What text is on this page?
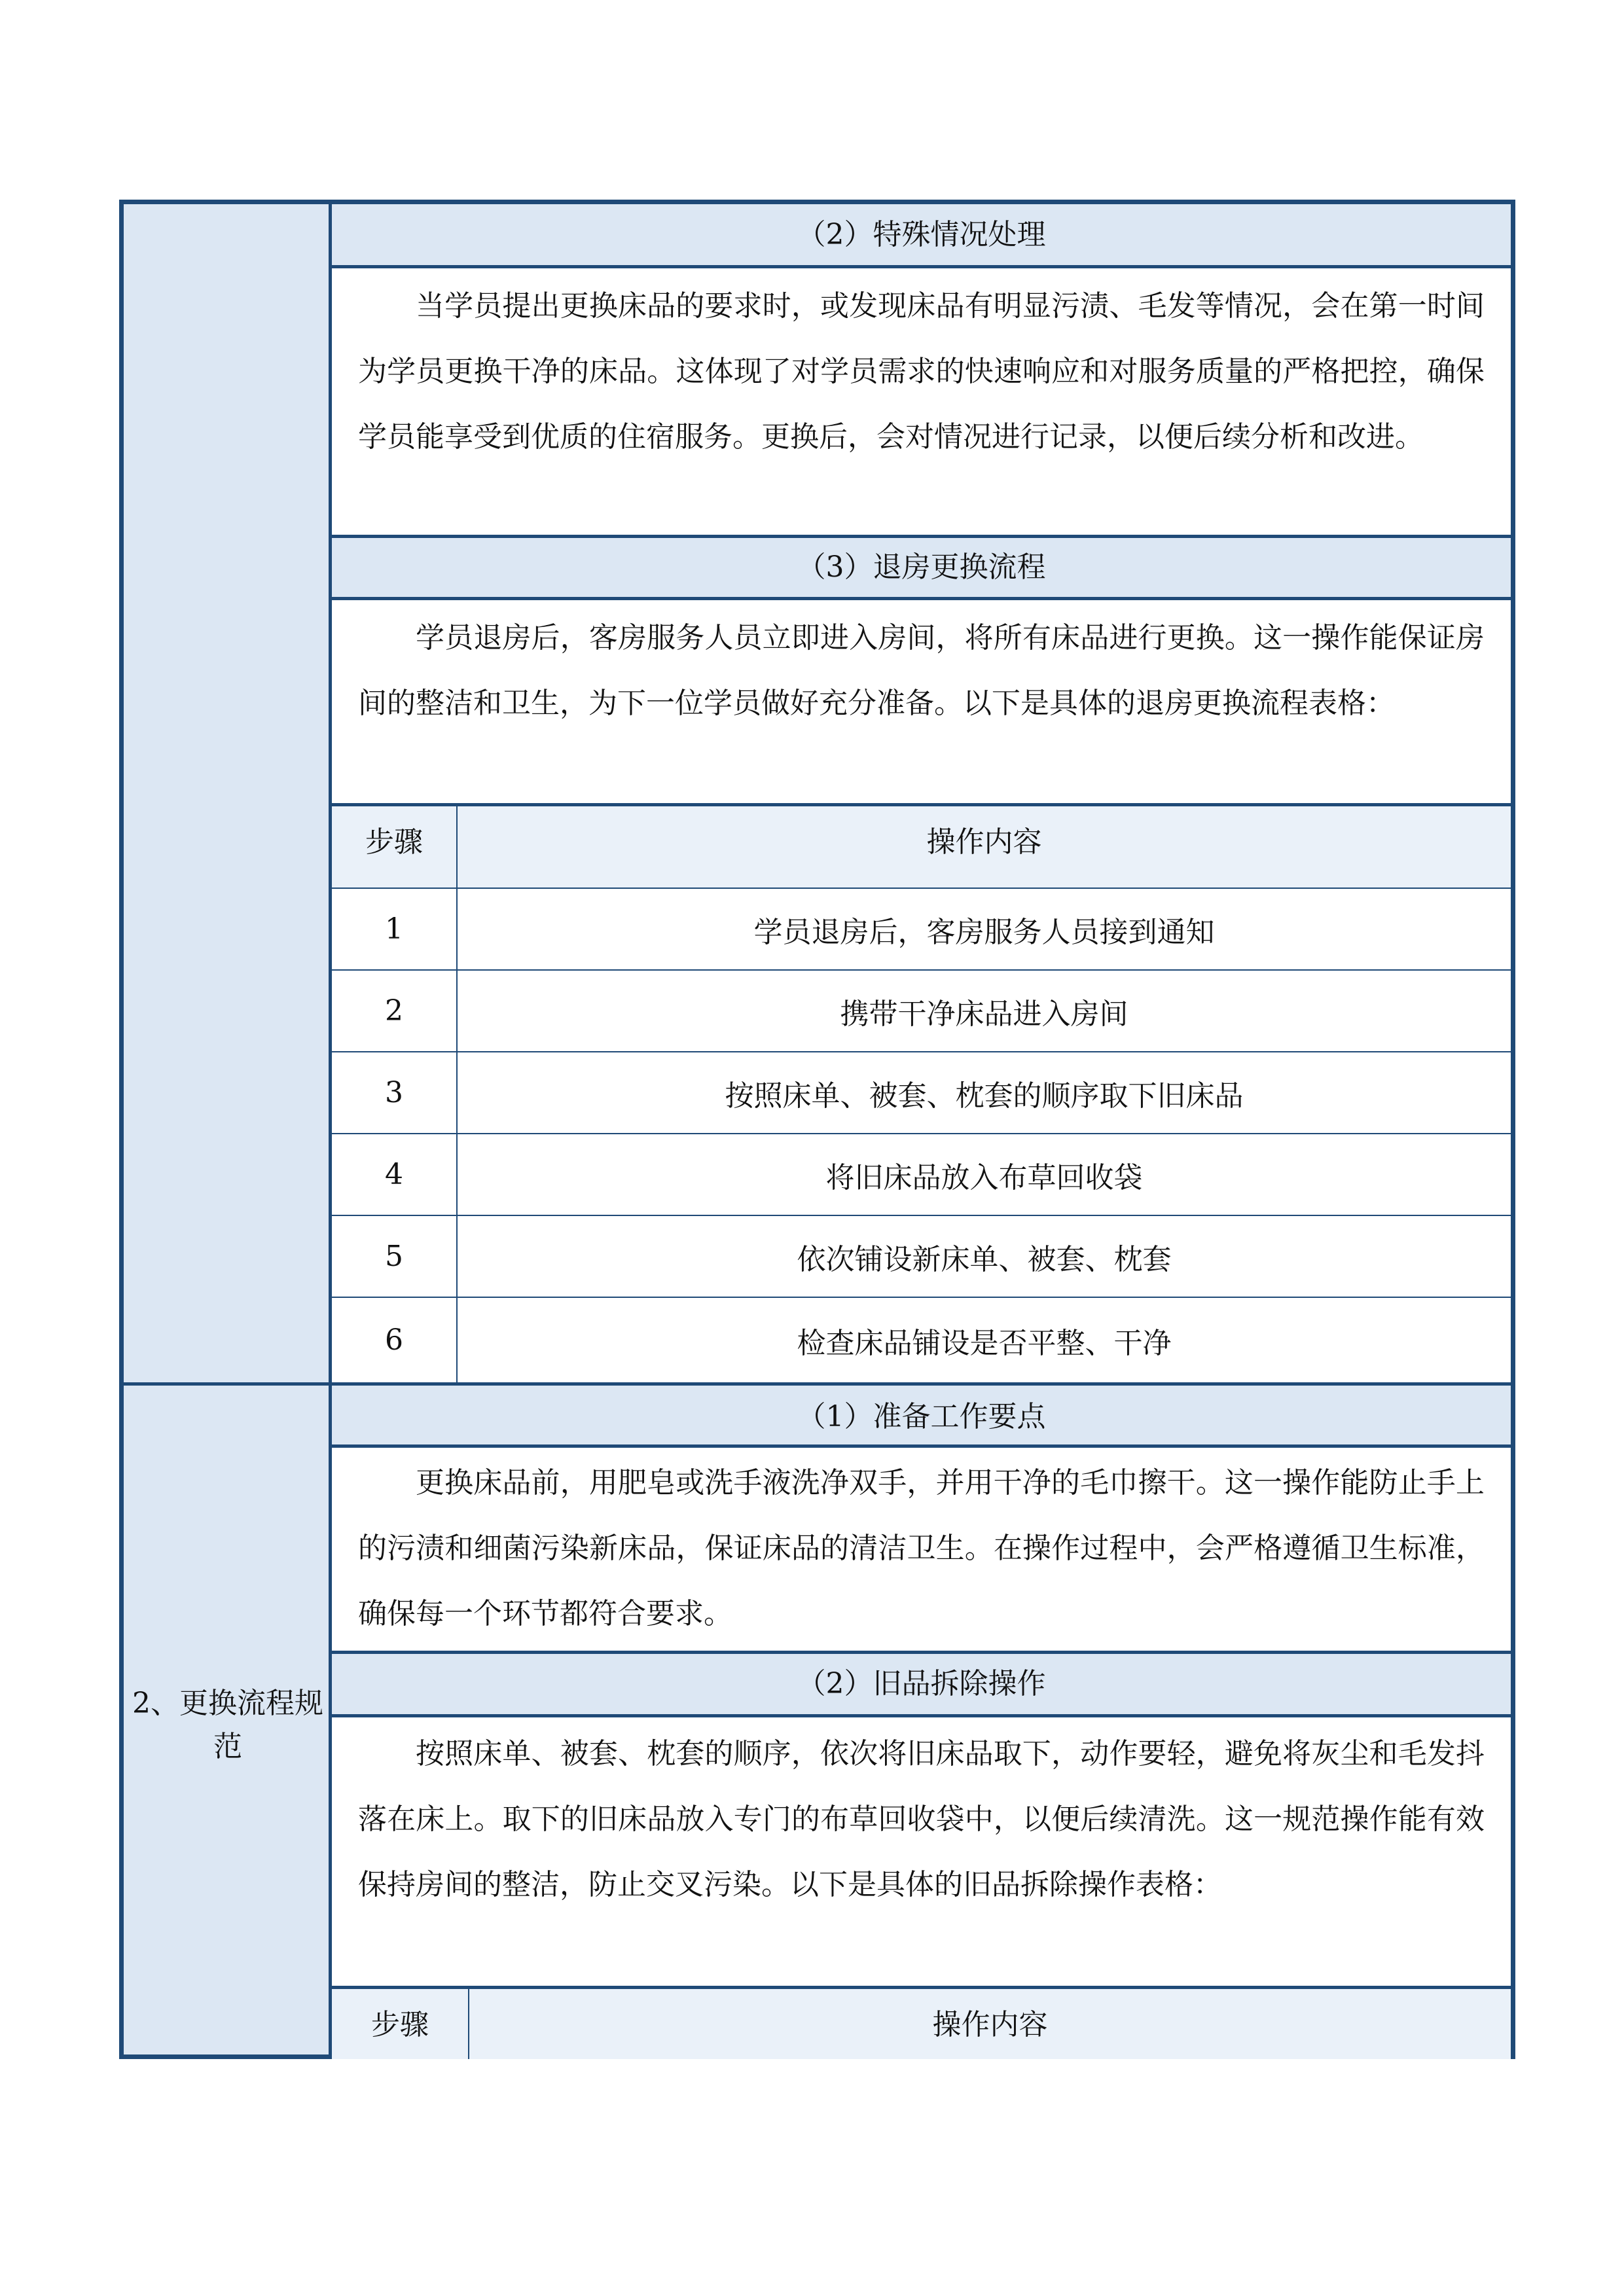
2、更换流程规范
（2）特殊情况处理
当学员提出更换床品的要求时，或发现床品有明显污渍、毛发等情况，会在第一时间为学员更换干净的床品。这体现了对学员需求的快速响应和对服务质量的严格把控，确保学员能享受到优质的住宿服务。更换后，会对情况进行记录，以便后续分析和改进。
（3）退房更换流程
学员退房后，客房服务人员立即进入房间，将所有床品进行更换。这一操作能保证房间的整洁和卫生，为下一位学员做好充分准备。以下是具体的退房更换流程表格：
步骤	操作内容
1	学员退房后，客房服务人员接到通知
2	携带干净床品进入房间
3	按照床单、被套、枕套的顺序取下旧床品
4	将旧床品放入布草回收袋
5	依次铺设新床单、被套、枕套
6	检查床品铺设是否平整、干净
（1）准备工作要点
更换床品前，用肥皂或洗手液洗净双手，并用干净的毛巾擦干。这一操作能防止手上的污渍和细菌污染新床品，保证床品的清洁卫生。在操作过程中，会严格遵循卫生标准，确保每一个环节都符合要求。
（2）旧品拆除操作
按照床单、被套、枕套的顺序，依次将旧床品取下，动作要轻，避免将灰尘和毛发抖落在床上。取下的旧床品放入专门的布草回收袋中，以便后续清洗。这一规范操作能有效保持房间的整洁，防止交叉污染。以下是具体的旧品拆除操作表格：
步骤	操作内容
